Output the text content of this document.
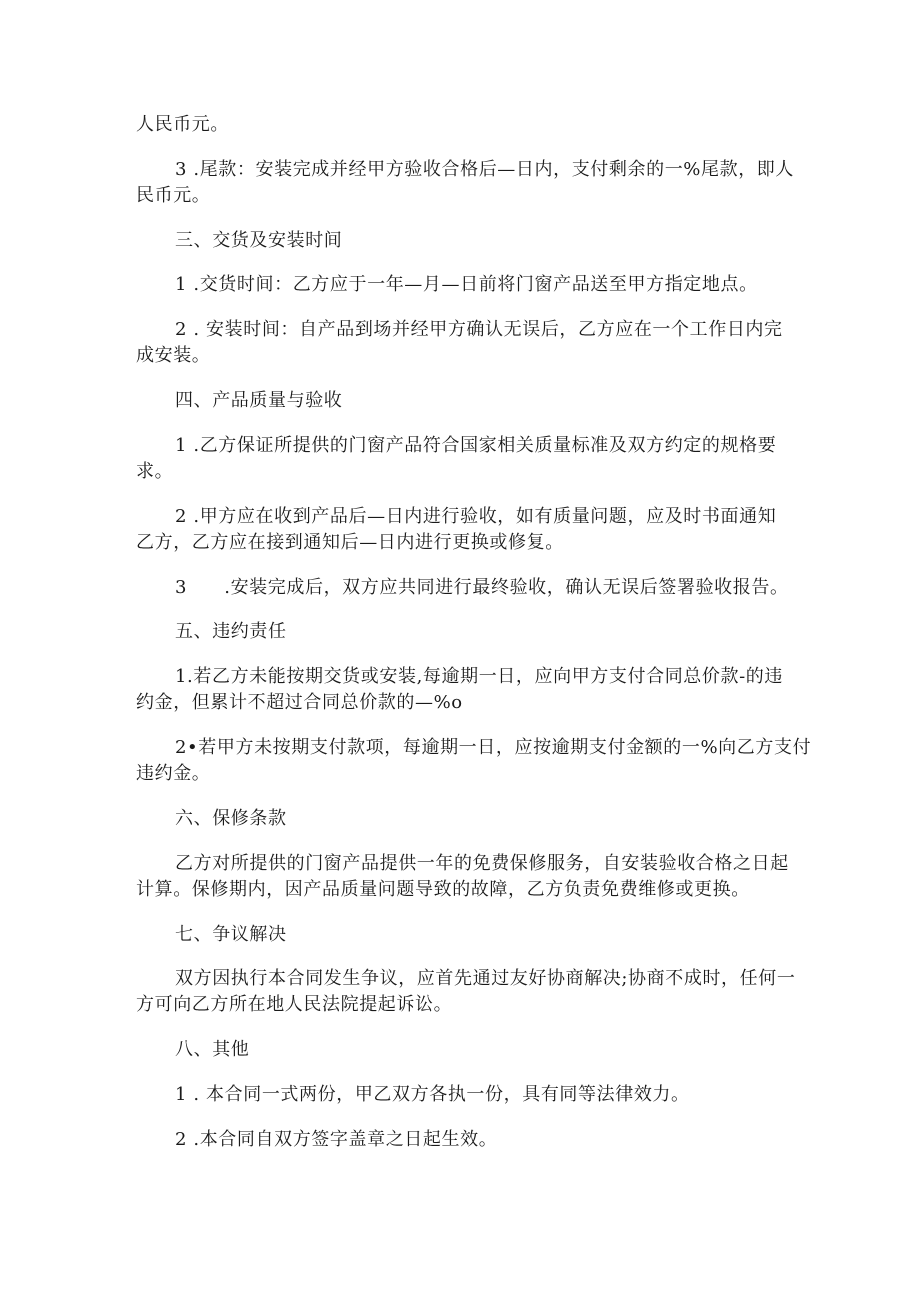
人民币元。
3 .尾款：安装完成并经甲方验收合格后—日内，支付剩余的一%尾款，即人
民币元。
三、交货及安装时间
1 .交货时间：乙方应于一年—月—日前将门窗产品送至甲方指定地点。
2 . 安装时间：自产品到场并经甲方确认无误后，乙方应在一个工作日内完
成安装。
四、产品质量与验收
1 .乙方保证所提供的门窗产品符合国家相关质量标准及双方约定的规格要
求。
2 .甲方应在收到产品后—日内进行验收，如有质量问题，应及时书面通知
乙方，乙方应在接到通知后—日内进行更换或修复。
3　　.安装完成后，双方应共同进行最终验收，确认无误后签署验收报告。
五、违约责任
1.若乙方未能按期交货或安装,每逾期一日，应向甲方支付合同总价款-的违
约金，但累计不超过合同总价款的—%o
2•若甲方未按期支付款项，每逾期一日，应按逾期支付金额的一%向乙方支付
违约金。
六、保修条款
乙方对所提供的门窗产品提供一年的免费保修服务，自安装验收合格之日起
计算。保修期内，因产品质量问题导致的故障，乙方负责免费维修或更换。
七、争议解决
双方因执行本合同发生争议，应首先通过友好协商解决;协商不成时，任何一
方可向乙方所在地人民法院提起诉讼。
八、其他
1 . 本合同一式两份，甲乙双方各执一份，具有同等法律效力。
2 .本合同自双方签字盖章之日起生效。
